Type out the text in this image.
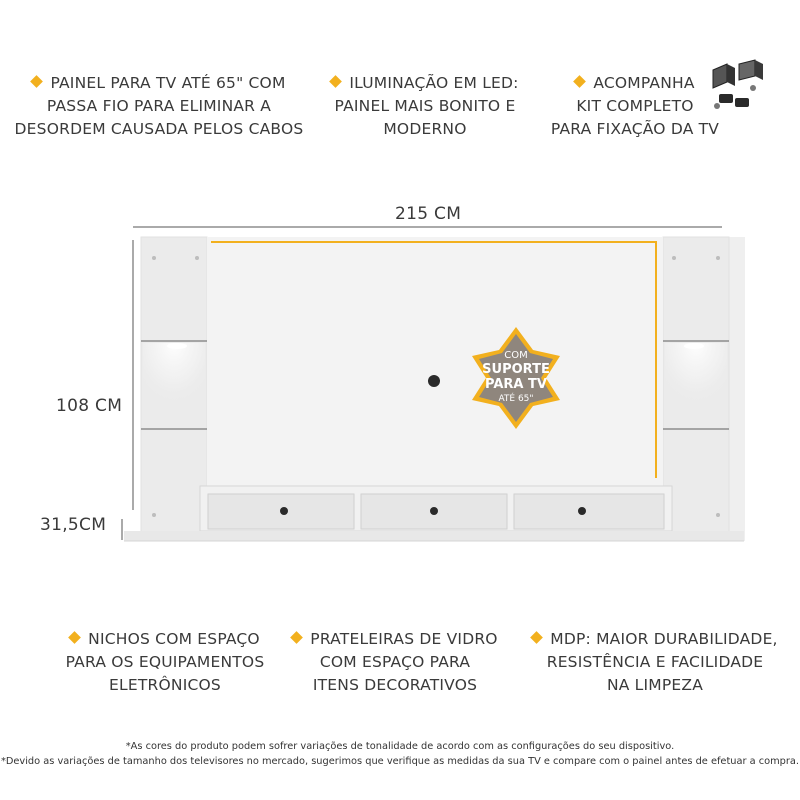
PAINEL PARA TV ATÉ 65" COM
PASSA FIO PARA ELIMINAR A
DESORDEM CAUSADA PELOS CABOS
ILUMINAÇÃO EM LED:
PAINEL MAIS BONITO E
MODERNO
ACOMPANHA
KIT COMPLETO
PARA FIXAÇÃO DA TV
215 CM
108 CM
31,5CM
COM
SUPORTE
PARA TV
ATÉ 65"
NICHOS COM ESPAÇO
PARA OS EQUIPAMENTOS
ELETRÔNICOS
PRATELEIRAS DE VIDRO
COM ESPAÇO PARA
ITENS DECORATIVOS
MDP: MAIOR DURABILIDADE,
RESISTÊNCIA E FACILIDADE
NA LIMPEZA
*As cores do produto podem sofrer variações de tonalidade de acordo com as configurações do seu dispositivo.
*Devido as variações de tamanho dos televisores no mercado, sugerimos que verifique as medidas da sua TV e compare com o painel antes de efetuar a compra.
